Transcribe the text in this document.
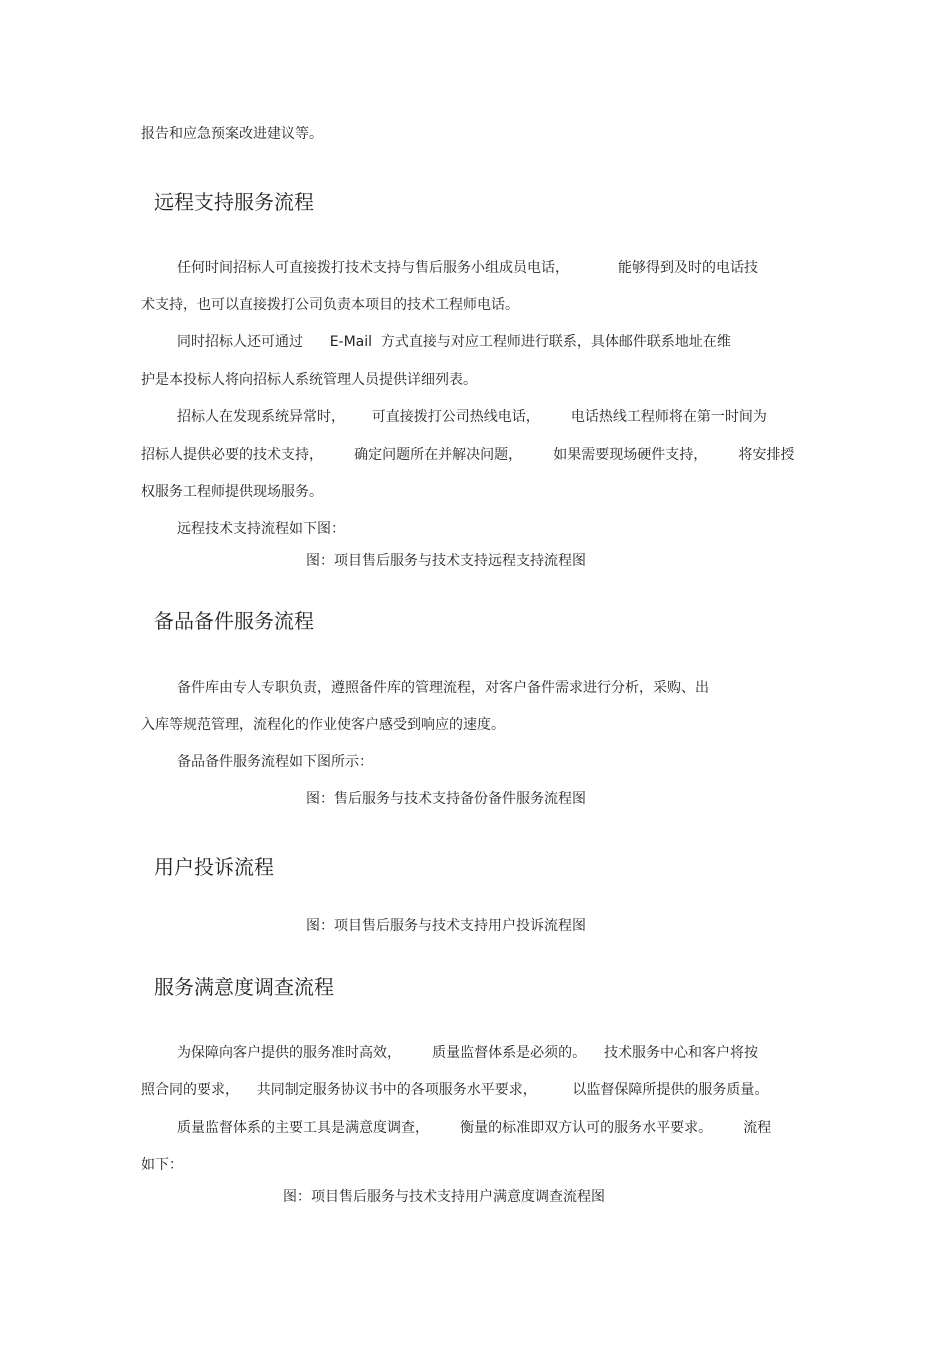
报告和应急预案改进建议等。
远程支持服务流程
任何时间招标人可直接拨打技术支持与售后服务小组成员电话，           能够得到及时的电话技
术支持，也可以直接拨打公司负责本项目的技术工程师电话。
同时招标人还可通过      E-Mail  方式直接与对应工程师进行联系，具体邮件联系地址在维
护是本投标人将向招标人系统管理人员提供详细列表。
招标人在发现系统异常时，      可直接拨打公司热线电话，       电话热线工程师将在第一时间为
招标人提供必要的技术支持，       确定问题所在并解决问题，       如果需要现场硬件支持，       将安排授
权服务工程师提供现场服务。
远程技术支持流程如下图：
图：项目售后服务与技术支持远程支持流程图
备品备件服务流程
备件库由专人专职负责，遵照备件库的管理流程，对客户备件需求进行分析，采购、出
入库等规范管理，流程化的作业使客户感受到响应的速度。
备品备件服务流程如下图所示：
图：售后服务与技术支持备份备件服务流程图
用户投诉流程
图：项目售后服务与技术支持用户投诉流程图
服务满意度调查流程
为保障向客户提供的服务准时高效，       质量监督体系是必须的。    技术服务中心和客户将按
照合同的要求，    共同制定服务协议书中的各项服务水平要求，        以监督保障所提供的服务质量。
质量监督体系的主要工具是满意度调查，       衡量的标准即双方认可的服务水平要求。       流程
如下：
图：项目售后服务与技术支持用户满意度调查流程图
